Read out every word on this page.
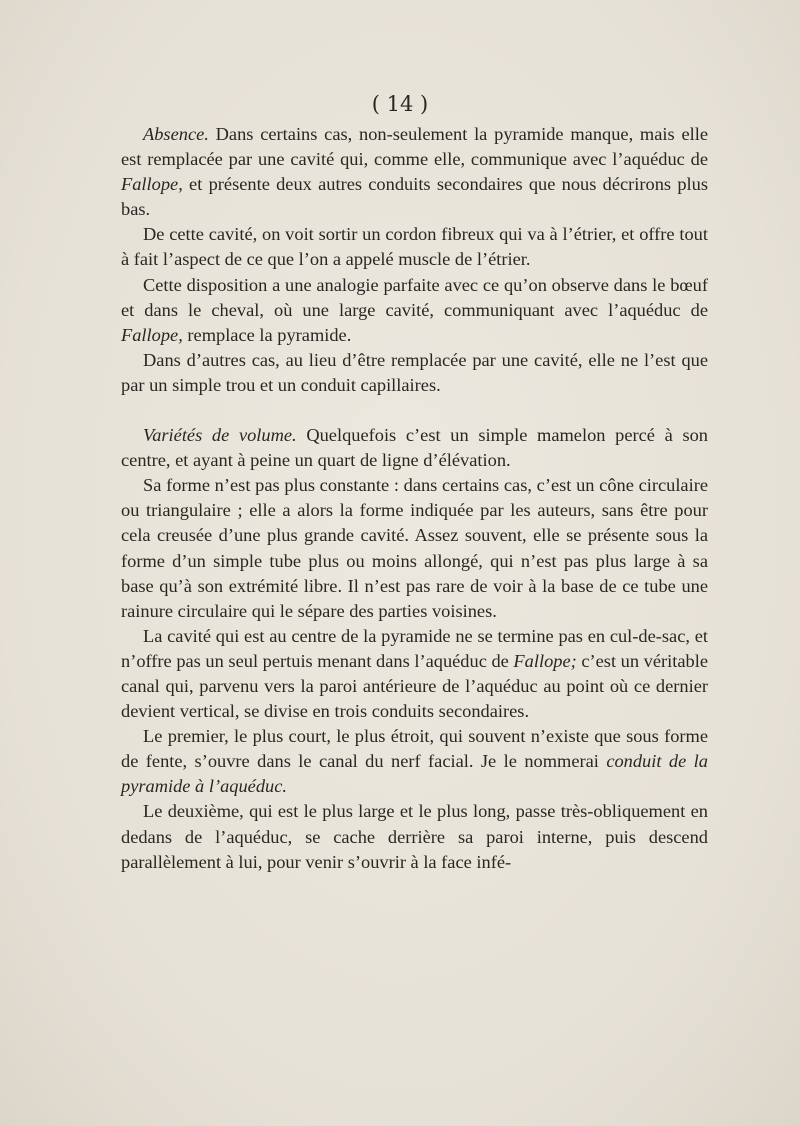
( 14 )

Absence. Dans certains cas, non-seulement la pyramide manque, mais elle est remplacée par une cavité qui, comme elle, communique avec l’aquéduc de Fallope, et présente deux autres conduits secondaires que nous décrirons plus bas.

De cette cavité, on voit sortir un cordon fibreux qui va à l’étrier, et offre tout à fait l’aspect de ce que l’on a appelé muscle de l’étrier.

Cette disposition a une analogie parfaite avec ce qu’on observe dans le bœuf et dans le cheval, où une large cavité, communiquant avec l’aquéduc de Fallope, remplace la pyramide.

Dans d’autres cas, au lieu d’être remplacée par une cavité, elle ne l’est que par un simple trou et un conduit capillaires.

Variétés de volume. Quelquefois c’est un simple mamelon percé à son centre, et ayant à peine un quart de ligne d’élévation.

Sa forme n’est pas plus constante : dans certains cas, c’est un cône circulaire ou triangulaire ; elle a alors la forme indiquée par les auteurs, sans être pour cela creusée d’une plus grande cavité. Assez souvent, elle se présente sous la forme d’un simple tube plus ou moins allongé, qui n’est pas plus large à sa base qu’à son extrémité libre. Il n’est pas rare de voir à la base de ce tube une rainure circulaire qui le sépare des parties voisines.

La cavité qui est au centre de la pyramide ne se termine pas en cul-de-sac, et n’offre pas un seul pertuis menant dans l’aquéduc de Fallope; c’est un véritable canal qui, parvenu vers la paroi antérieure de l’aquéduc au point où ce dernier devient vertical, se divise en trois conduits secondaires.

Le premier, le plus court, le plus étroit, qui souvent n’existe que sous forme de fente, s’ouvre dans le canal du nerf facial. Je le nommerai conduit de la pyramide à l’aquéduc.

Le deuxième, qui est le plus large et le plus long, passe très-obliquement en dedans de l’aquéduc, se cache derrière sa paroi interne, puis descend parallèlement à lui, pour venir s’ouvrir à la face infé-
